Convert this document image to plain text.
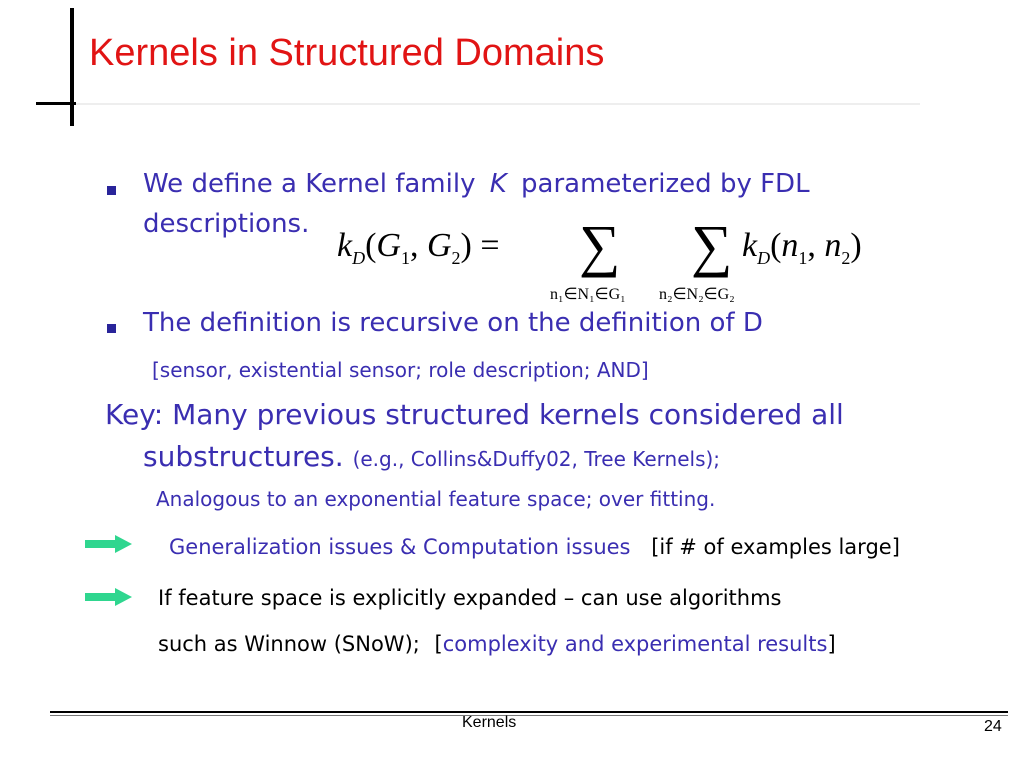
Kernels in Structured Domains
We define a Kernel family K parameterized by FDL
descriptions.
$k_D(G_1$, $G_2$) = ∑ ∑ $k_D(n_1$, $n_2$)
n₁∈N₁∈G₁ n₂∈N₂∈G₂
The definition is recursive on the definition of D
[sensor, existential sensor; role description; AND]
Key: Many previous structured kernels considered all
substructures. (e.g., Collins&Duffy02, Tree Kernels);
Analogous to an exponential feature space; over fitting.
Generalization issues & Computation issues [if # of examples large]
If feature space is explicitly expanded – can use algorithms
such as Winnow (SNoW); [complexity and experimental results]
Kernels	24
